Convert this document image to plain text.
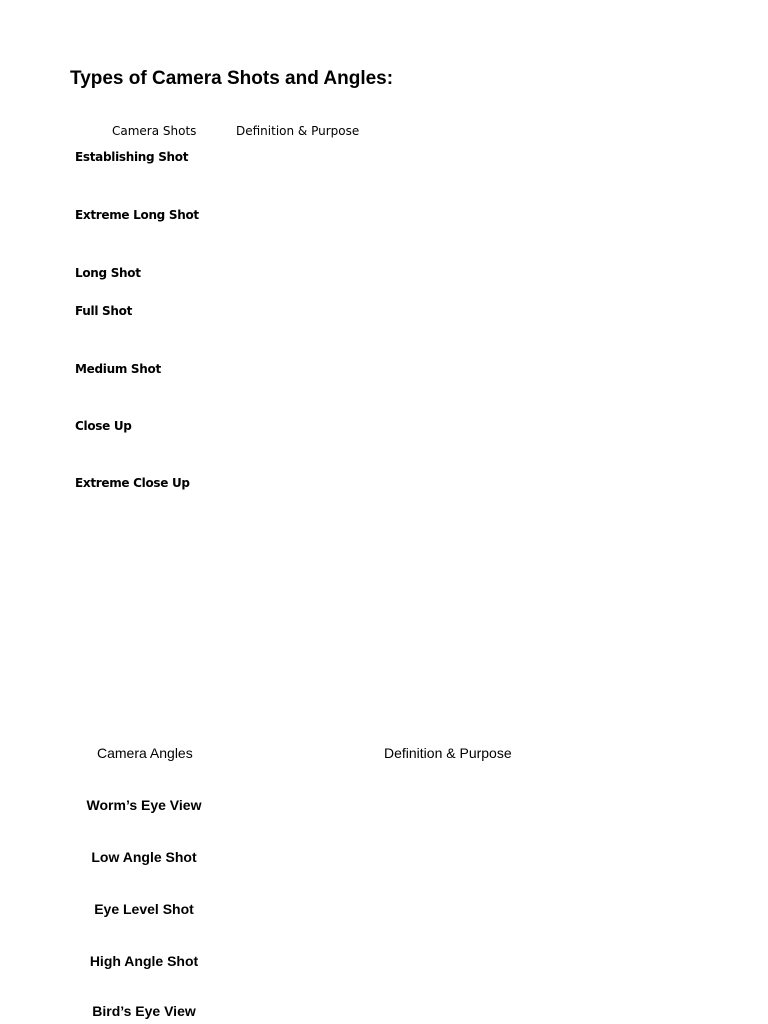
Types of Camera Shots and Angles:
Camera Shots	Definition & Purpose
Establishing Shot
Extreme Long Shot
Long Shot
Full Shot
Medium Shot
Close Up
Extreme Close Up
Camera Angles	Definition & Purpose
Worm’s Eye View
Low Angle Shot
Eye Level Shot
High Angle Shot
Bird’s Eye View
